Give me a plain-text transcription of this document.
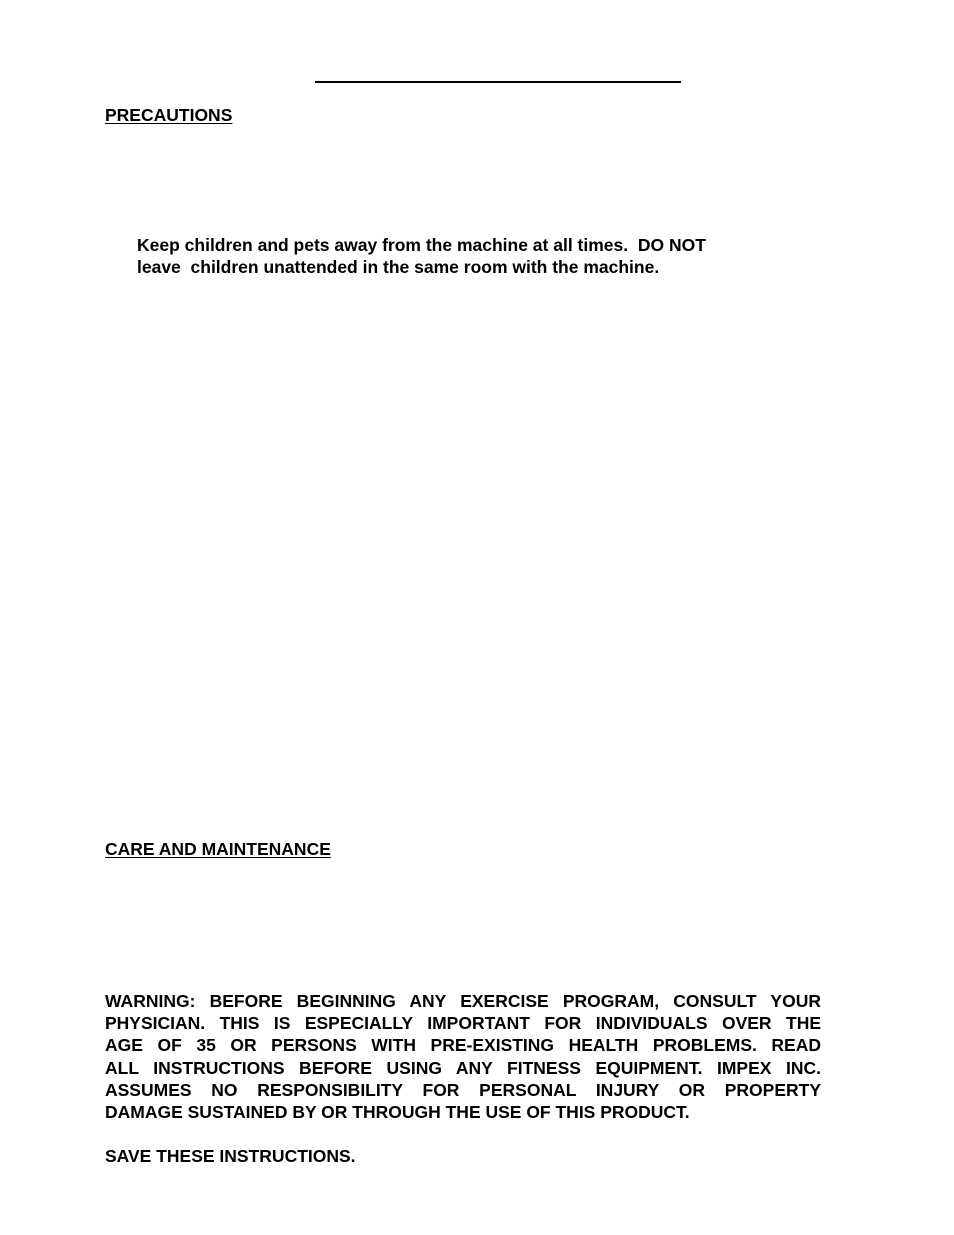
PRECAUTIONS
Keep children and pets away from the machine at all times.  DO NOT
leave  children unattended in the same room with the machine.
CARE AND MAINTENANCE
WARNING: BEFORE BEGINNING ANY EXERCISE PROGRAM, CONSULT YOUR
PHYSICIAN. THIS IS ESPECIALLY IMPORTANT FOR INDIVIDUALS OVER THE
AGE OF 35 OR PERSONS WITH PRE-EXISTING HEALTH PROBLEMS. READ
ALL INSTRUCTIONS BEFORE USING ANY FITNESS EQUIPMENT. IMPEX INC.
ASSUMES NO RESPONSIBILITY FOR PERSONAL INJURY OR PROPERTY
DAMAGE SUSTAINED BY OR THROUGH THE USE OF THIS PRODUCT.
SAVE THESE INSTRUCTIONS.
